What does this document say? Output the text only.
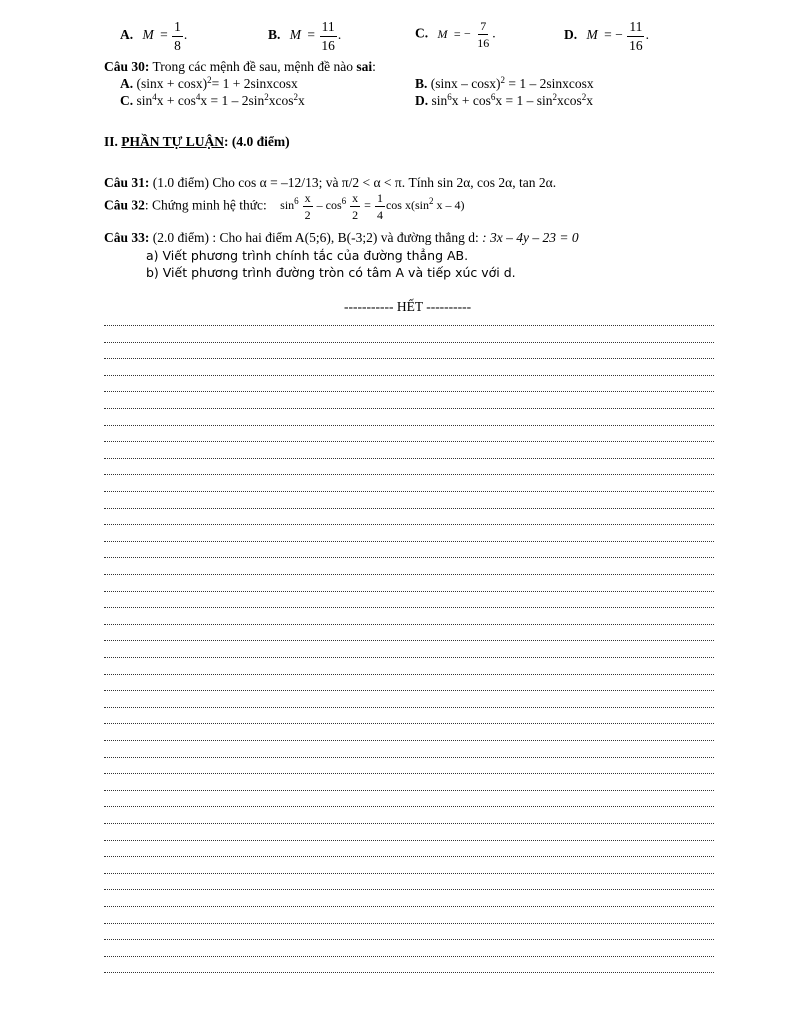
A. $M = \frac{1}{8}$ .	B. $M = \frac{11}{16}$ .	C. M = − $\frac{7}{16}$ .	D. M = − $\frac{11}{16}$ .
Câu 30: Trong các mệnh đề sau, mệnh đề nào sai:
A. $(\sin x + \cos x)^2= 1$ + 2sinxcosx	B. (sinx – cosx)$^2$ = 1 – 2sinxcosx
C. $\sin^4x + \cos^4x = 1 - 2\sin^2xcos^2x$	D. $\sin^6x + \cos^6x = 1 - \sin^2xcos^2x$
II. PHẦN TỰ LUẬN: (4.0 điểm)
Câu 31: (1.0 điểm) Cho cos α = –12/13; và π/2 < α < π. Tính sin 2α, cos 2α, tan 2α.
Câu 32: Chứng minh hệ thức: $\sin^6 \frac{x}{2} - \cos^6 \frac{x}{2} = \frac{1}{4}$ $\cos x(\sin^2$ x – 4)
Câu 33: (2.0 điểm) : Cho hai điểm A(5;6), B(-3;2) và đường thẳng d: : 3x – 4y – 23 = 0
a) Viết phương trình chính tắc của đường thẳng AB.
b) Viết phương trình đường tròn có tâm A và tiếp xúc với d.
----------- HẾT ----------
